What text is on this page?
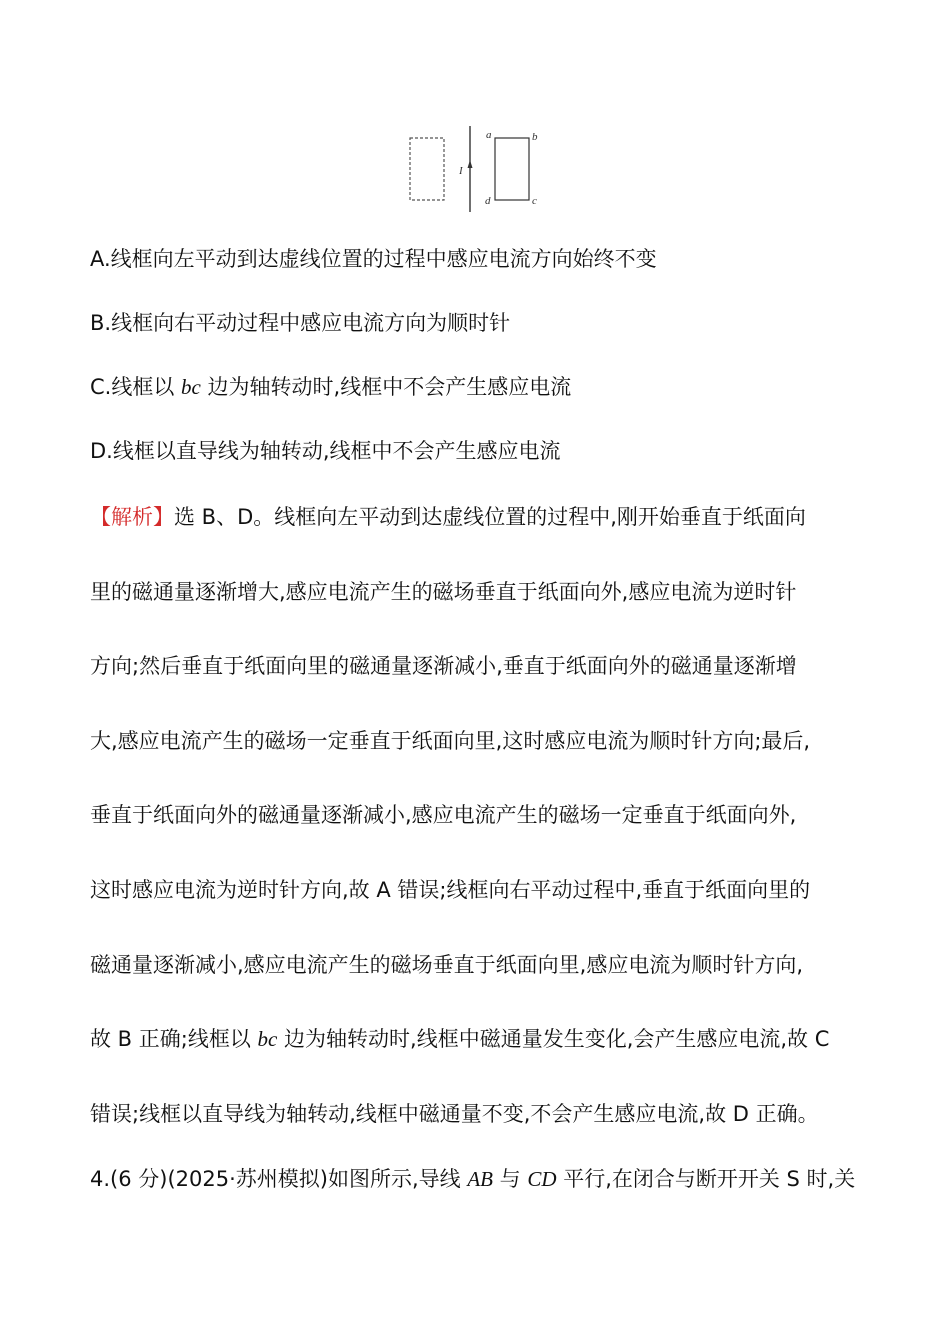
I
a	b
c
d
A.线框向左平动到达虚线位置的过程中感应电流方向始终不变
B.线框向右平动过程中感应电流方向为顺时针
C.线框以 bc 边为轴转动时,线框中不会产生感应电流
D.线框以直导线为轴转动,线框中不会产生感应电流
【解析】选 B、D。线框向左平动到达虚线位置的过程中,刚开始垂直于纸面向
里的磁通量逐渐增大,感应电流产生的磁场垂直于纸面向外,感应电流为逆时针
方向;然后垂直于纸面向里的磁通量逐渐减小,垂直于纸面向外的磁通量逐渐增
大,感应电流产生的磁场一定垂直于纸面向里,这时感应电流为顺时针方向;最后,
垂直于纸面向外的磁通量逐渐减小,感应电流产生的磁场一定垂直于纸面向外,
这时感应电流为逆时针方向,故 A 错误;线框向右平动过程中,垂直于纸面向里的
磁通量逐渐减小,感应电流产生的磁场垂直于纸面向里,感应电流为顺时针方向,
故 B 正确;线框以 bc 边为轴转动时,线框中磁通量发生变化,会产生感应电流,故 C
错误;线框以直导线为轴转动,线框中磁通量不变,不会产生感应电流,故 D 正确。
4.(6 分)(2025·苏州模拟)如图所示,导线 AB 与 CD 平行,在闭合与断开开关 S 时,关
